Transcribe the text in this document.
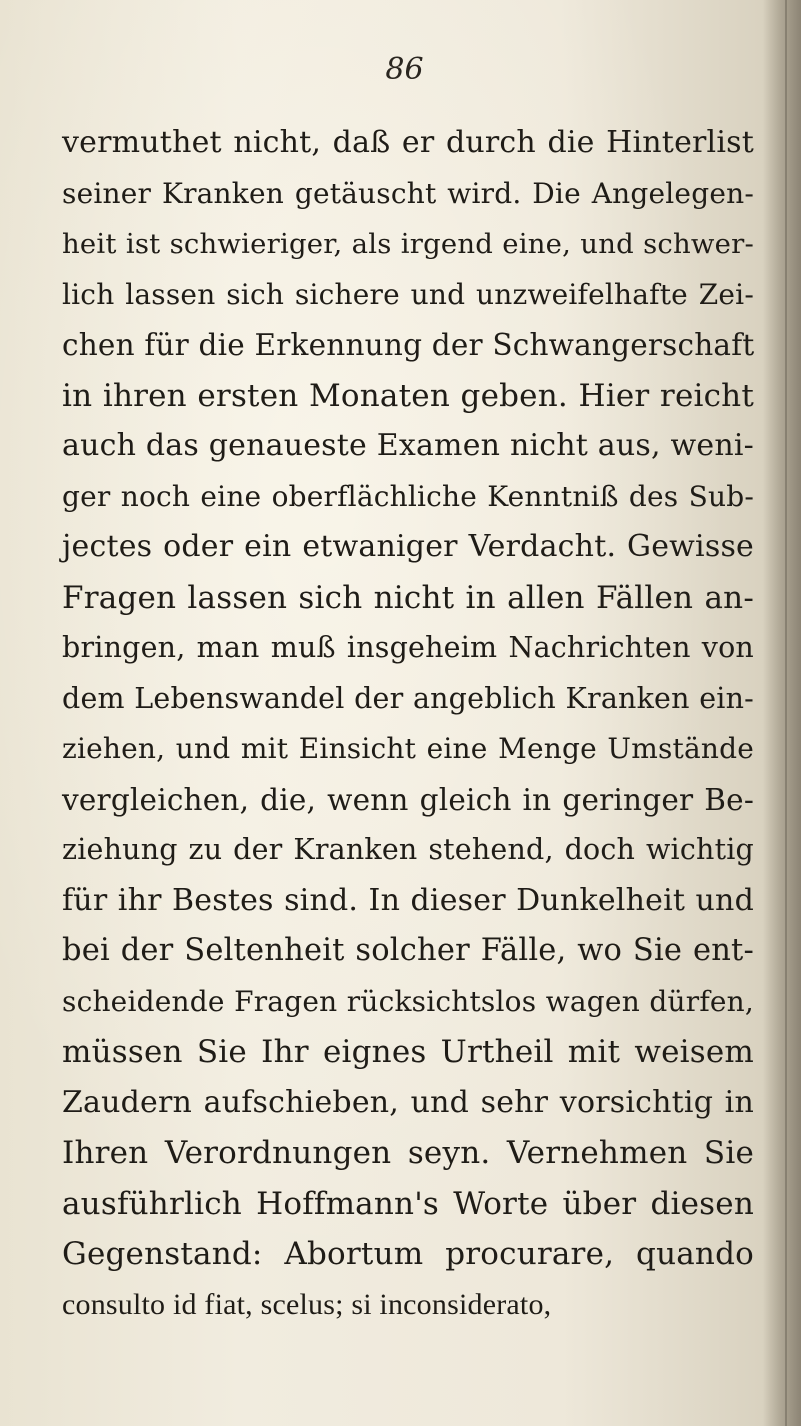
86
vermuthet nicht, daß er durch die Hinterlist
seiner Kranken getäuscht wird. Die Angelegen-
heit ist schwieriger, als irgend eine, und schwer-
lich lassen sich sichere und unzweifelhafte Zei-
chen für die Erkennung der Schwangerschaft
in ihren ersten Monaten geben. Hier reicht
auch das genaueste Examen nicht aus, weni-
ger noch eine oberflächliche Kenntniß des Sub-
jectes oder ein etwaniger Verdacht. Gewisse
Fragen lassen sich nicht in allen Fällen an-
bringen, man muß insgeheim Nachrichten von
dem Lebenswandel der angeblich Kranken ein-
ziehen, und mit Einsicht eine Menge Umstände
vergleichen, die, wenn gleich in geringer Be-
ziehung zu der Kranken stehend, doch wichtig
für ihr Bestes sind. In dieser Dunkelheit und
bei der Seltenheit solcher Fälle, wo Sie ent-
scheidende Fragen rücksichtslos wagen dürfen,
müssen Sie Ihr eignes Urtheil mit weisem
Zaudern aufschieben, und sehr vorsichtig in
Ihren Verordnungen seyn. Vernehmen Sie
ausführlich Hoffmann's Worte über diesen
Gegenstand: Abortum procurare, quando
consulto id fiat, scelus; si inconsiderato,
